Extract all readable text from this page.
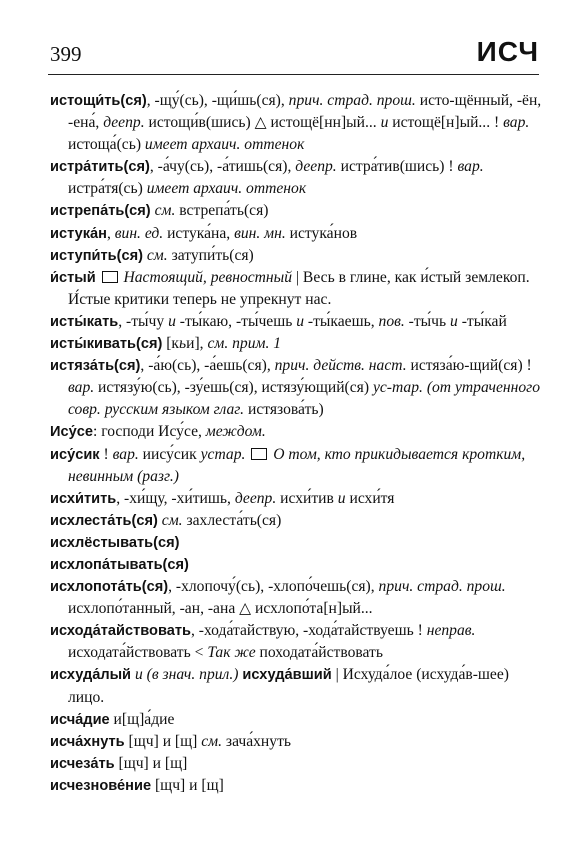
399	ИСЧ

истощи́ть(ся), -щу́(сь), -щи́шь(ся), прич. страд. прош. исто-щённый, -ён, -ена́, деепр. истощи́в(шись) △ истощё[нн]ый... и истощё[н]ый... ! вар. истоща́(сь) имеет архаич. оттенок

истра́тить(ся), -а́чу(сь), -а́тишь(ся), деепр. истра́тив(шись) ! вар. истра́тя(сь) имеет архаич. оттенок

истрепа́ть(ся) см. встрепа́ть(ся)

истука́н, вин. ед. истука́на, вин. мн. истука́нов

иступи́ть(ся) см. затупи́ть(ся)

и́стый  Настоящий, ревностный | Весь в глине, как и́стый землекоп. И́стые критики теперь не упрекнут нас.

исты́кать, -ты́чу и -ты́каю, -ты́чешь и -ты́каешь, пов. -ты́чь и -ты́кай

исты́кивать(ся) [кьи], см. прим. 1

истяза́ть(ся), -а́ю(сь), -а́ешь(ся), прич. действ. наст. истяза́ю-щий(ся) ! вар. истязу́ю(сь), -зу́ешь(ся), истязу́ющий(ся) ус-тар. (от утраченного совр. русским языком глаг. истязова́ть)

Ису́се: господи Ису́се, междом.

ису́сик ! вар. иису́сик устар.  О том, кто прикидывается кротким, невинным (разг.)

исхи́тить, -хи́щу, -хи́тишь, деепр. исхи́тив и исхи́тя

исхлеста́ть(ся) см. захлеста́ть(ся)

исхлёстывать(ся)

исхлопа́тывать(ся)

исхлопота́ть(ся), -хлопочу́(сь), -хлопо́чешь(ся), прич. страд. прош. исхлопо́танный, -ан, -ана △ исхлопо́та[н]ый...

исхода́тайствовать, -хода́тайствую, -хода́тайствуешь ! неправ. исходата́йствовать < Так же походата́йствовать

исхуда́лый и (в знач. прил.) исхуда́вший | Исхуда́лое (исхуда́в-шее) лицо.

исча́дие и[щ]а́дие

исча́хнуть [щч] и [щ] см. зача́хнуть

исчеза́ть [щч] и [щ]

исчезнове́ние [щч] и [щ]
